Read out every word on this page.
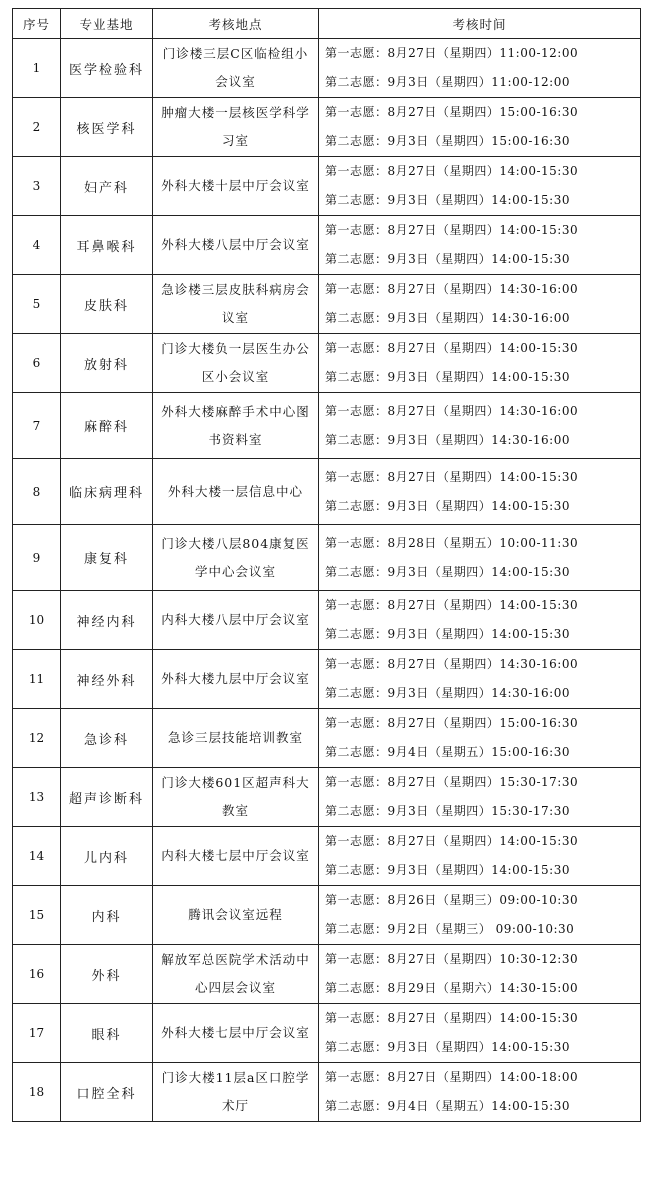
序号	专业基地	考核地点	考核时间
1	医学检验科	门诊楼三层C区临检组小会议室	第一志愿：8月27日（星期四）11:00-12:00
第二志愿：9月3日（星期四）11:00-12:00

2	核医学科	肿瘤大楼一层核医学科学习室	第一志愿：8月27日（星期四）15:00-16:30
第二志愿：9月3日（星期四）15:00-16:30

3	妇产科	外科大楼十层中厅会议室	第一志愿：8月27日（星期四）14:00-15:30
第二志愿：9月3日（星期四）14:00-15:30

4	耳鼻喉科	外科大楼八层中厅会议室	第一志愿：8月27日（星期四）14:00-15:30
第二志愿：9月3日（星期四）14:00-15:30

5	皮肤科	急诊楼三层皮肤科病房会议室	第一志愿：8月27日（星期四）14:30-16:00
第二志愿：9月3日（星期四）14:30-16:00

6	放射科	门诊大楼负一层医生办公区小会议室	第一志愿：8月27日（星期四）14:00-15:30
第二志愿：9月3日（星期四）14:00-15:30

7	麻醉科	外科大楼麻醉手术中心图书资料室	第一志愿：8月27日（星期四）14:30-16:00
第二志愿：9月3日（星期四）14:30-16:00

8	临床病理科	外科大楼一层信息中心	第一志愿：8月27日（星期四）14:00-15:30
第二志愿：9月3日（星期四）14:00-15:30

9	康复科	门诊大楼八层804康复医学中心会议室	第一志愿：8月28日（星期五）10:00-11:30
第二志愿：9月3日（星期四）14:00-15:30

10	神经内科	内科大楼八层中厅会议室	第一志愿：8月27日（星期四）14:00-15:30
第二志愿：9月3日（星期四）14:00-15:30

11	神经外科	外科大楼九层中厅会议室	第一志愿：8月27日（星期四）14:30-16:00
第二志愿：9月3日（星期四）14:30-16:00

12	急诊科	急诊三层技能培训教室	第一志愿：8月27日（星期四）15:00-16:30
第二志愿：9月4日（星期五）15:00-16:30

13	超声诊断科	门诊大楼601区超声科大教室	第一志愿：8月27日（星期四）15:30-17:30
第二志愿：9月3日（星期四）15:30-17:30

14	儿内科	内科大楼七层中厅会议室	第一志愿：8月27日（星期四）14:00-15:30
第二志愿：9月3日（星期四）14:00-15:30

15	内科	腾讯会议室远程	第一志愿：8月26日（星期三）09:00-10:30
第二志愿：9月2日（星期三） 09:00-10:30

16	外科	解放军总医院学术活动中心四层会议室	第一志愿：8月27日（星期四）10:30-12:30
第二志愿：8月29日（星期六）14:30-15:00

17	眼科	外科大楼七层中厅会议室	第一志愿：8月27日（星期四）14:00-15:30
第二志愿：9月3日（星期四）14:00-15:30

18	口腔全科	门诊大楼11层a区口腔学术厅	第一志愿：8月27日（星期四）14:00-18:00
第二志愿：9月4日（星期五）14:00-15:30
